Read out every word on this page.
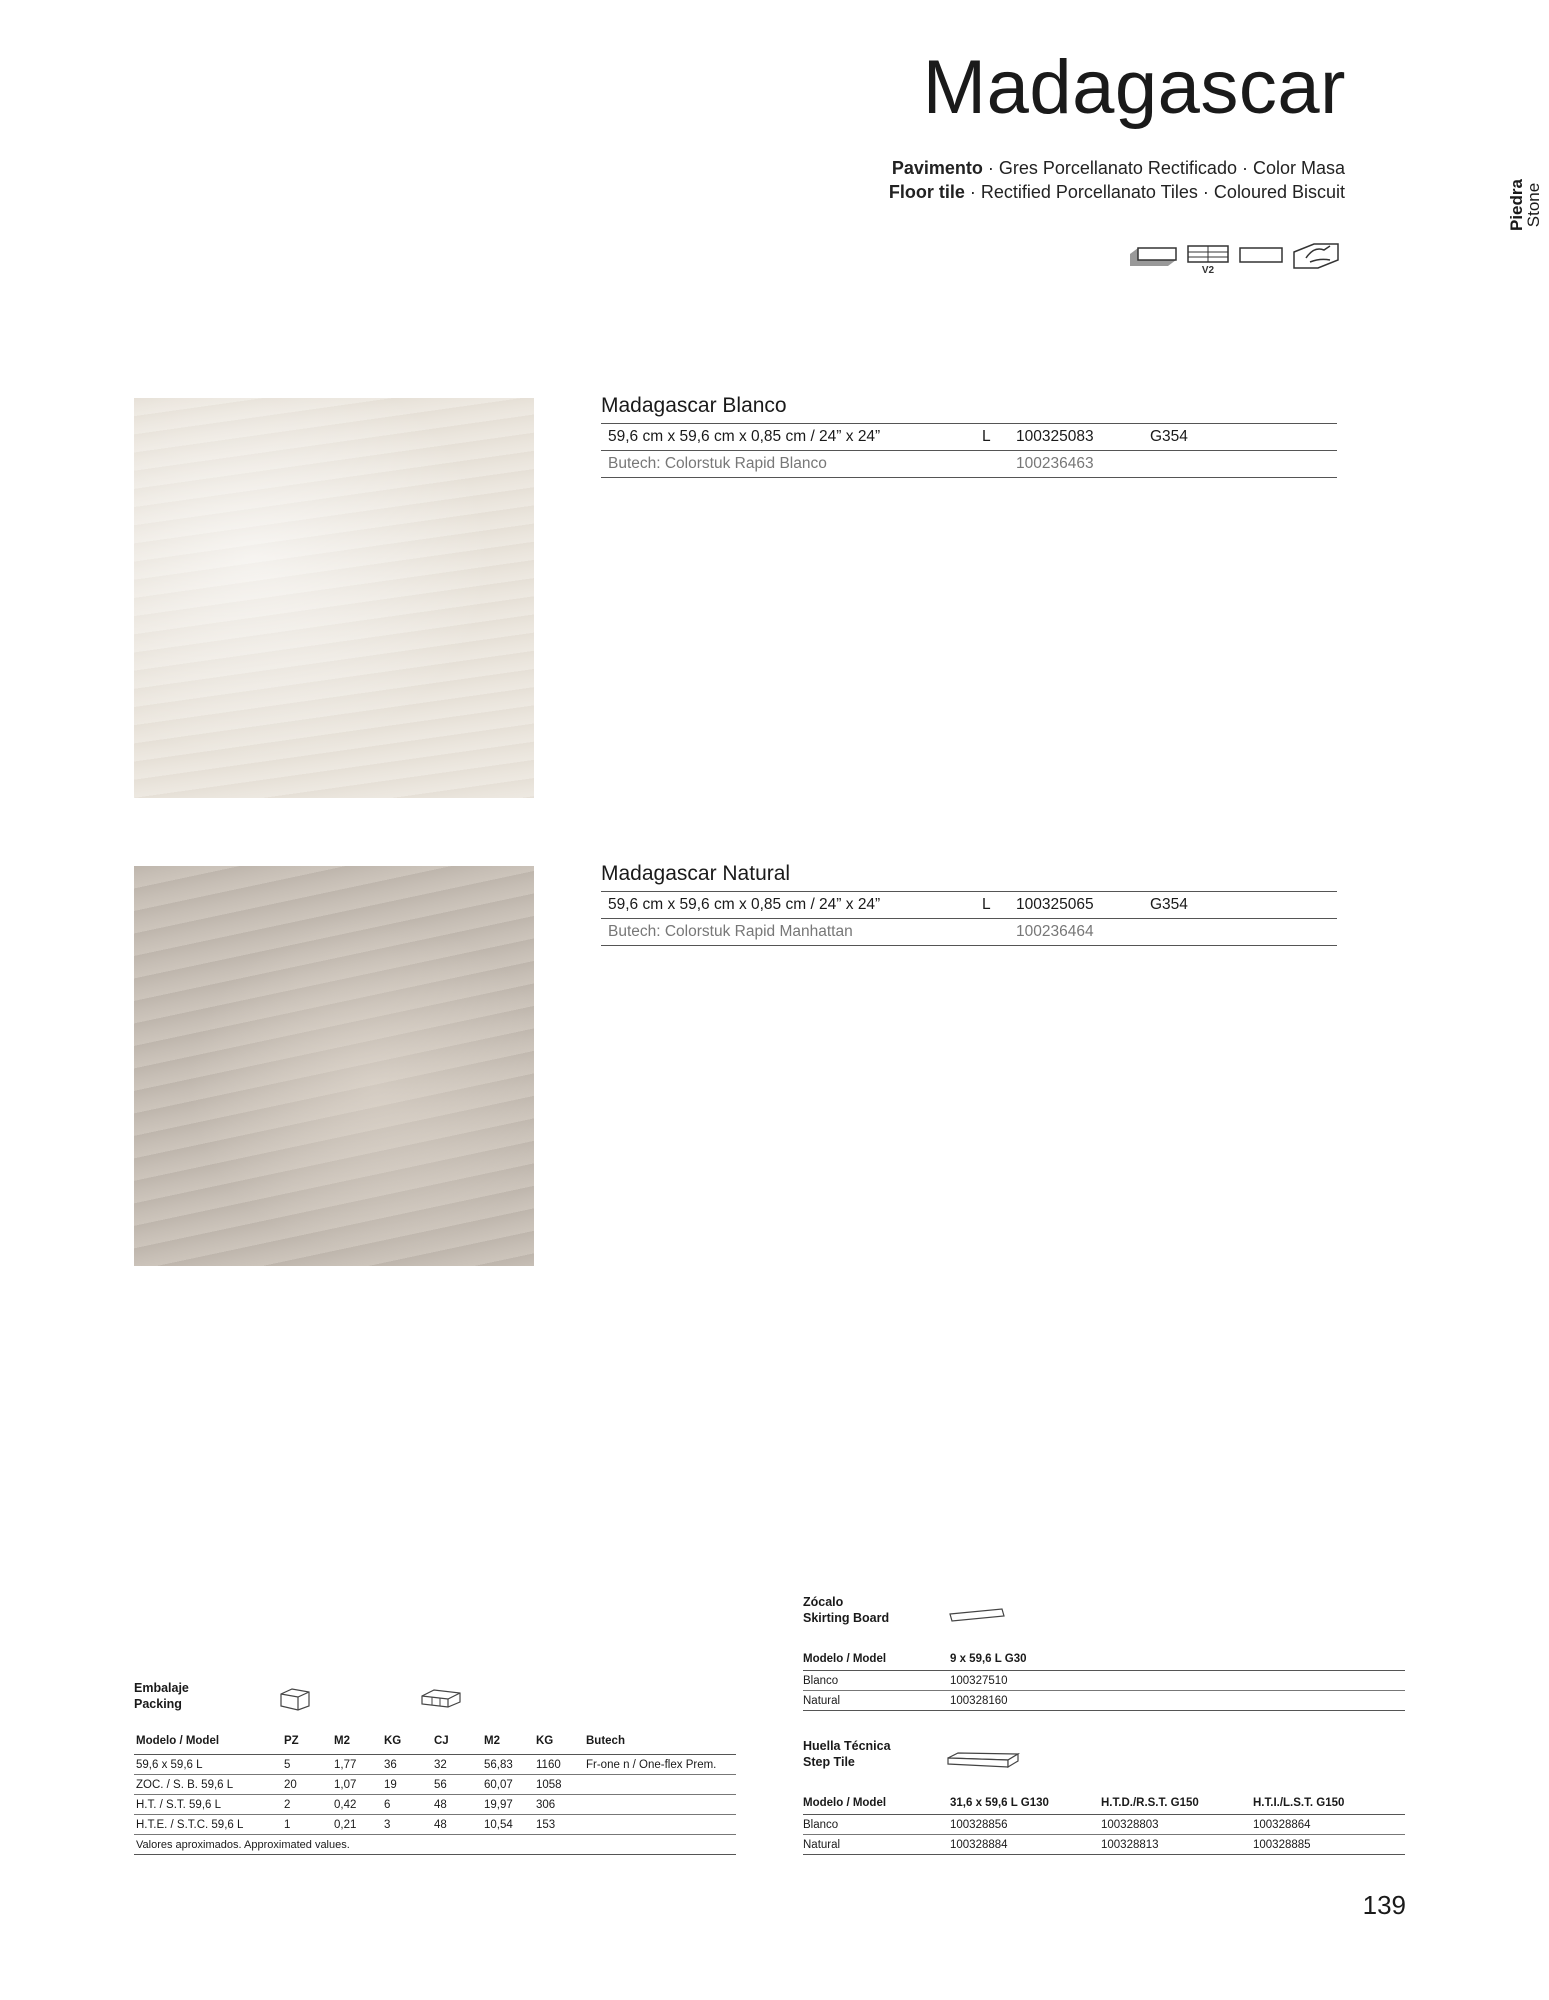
Madagascar
Pavimento · Gres Porcellanato Rectificado · Color Masa
Floor tile · Rectified Porcellanato Tiles · Coloured Biscuit	Piedra
Stone
V2
Madagascar Blanco
59,6 cm x 59,6 cm x 0,85 cm / 24” x 24”	L	100325083	G354
Butech: Colorstuk Rapid Blanco		100236463	
Madagascar Natural
59,6 cm x 59,6 cm x 0,85 cm / 24” x 24”	L	100325065	G354
Butech: Colorstuk Rapid Manhattan		100236464	
Embalaje
Packing
Modelo / Model	PZ	M2	KG	CJ	M2	KG	Butech
59,6 x 59,6 L	5	1,77	36	32	56,83	1160	Fr-one n / One-flex Prem.
ZOC. / S. B. 59,6 L	20	1,07	19	56	60,07	1058	
H.T. / S.T. 59,6 L	2	0,42	6	48	19,97	306	
H.T.E. / S.T.C. 59,6 L	1	0,21	3	48	10,54	153	
Valores aproximados. Approximated values.							
Zócalo
Skirting Board
Modelo / Model	9 x 59,6 L G30
Blanco	100327510
Natural	100328160
Huella Técnica
Step Tile
Modelo / Model	31,6 x 59,6 L G130	H.T.D./R.S.T. G150	H.T.I./L.S.T. G150
Blanco	100328856	100328803	100328864
Natural	100328884	100328813	100328885
139
